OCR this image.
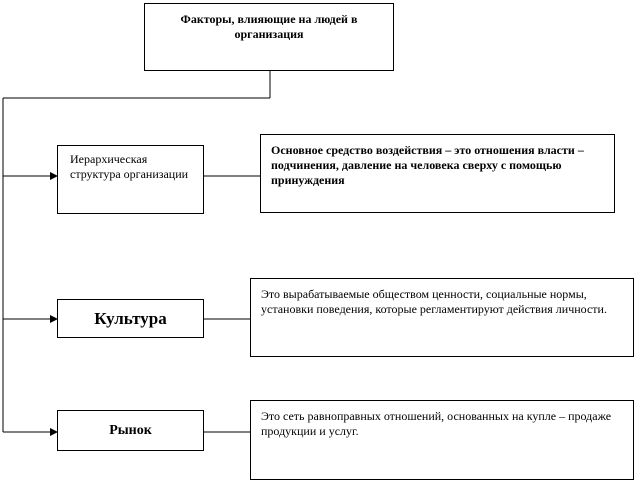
Факторы, влияющие на людей в организация
Иерархическая структура организации
Основное средство воздействия – это отношения власти – подчинения, давление на человека сверху с помощью принуждения
Культура
Это вырабатываемые обществом ценности, социальные нормы, установки поведения, которые регламентируют действия личности.
Рынок
Это сеть равноправных отношений, основанных на купле – продаже продукции и услуг.
